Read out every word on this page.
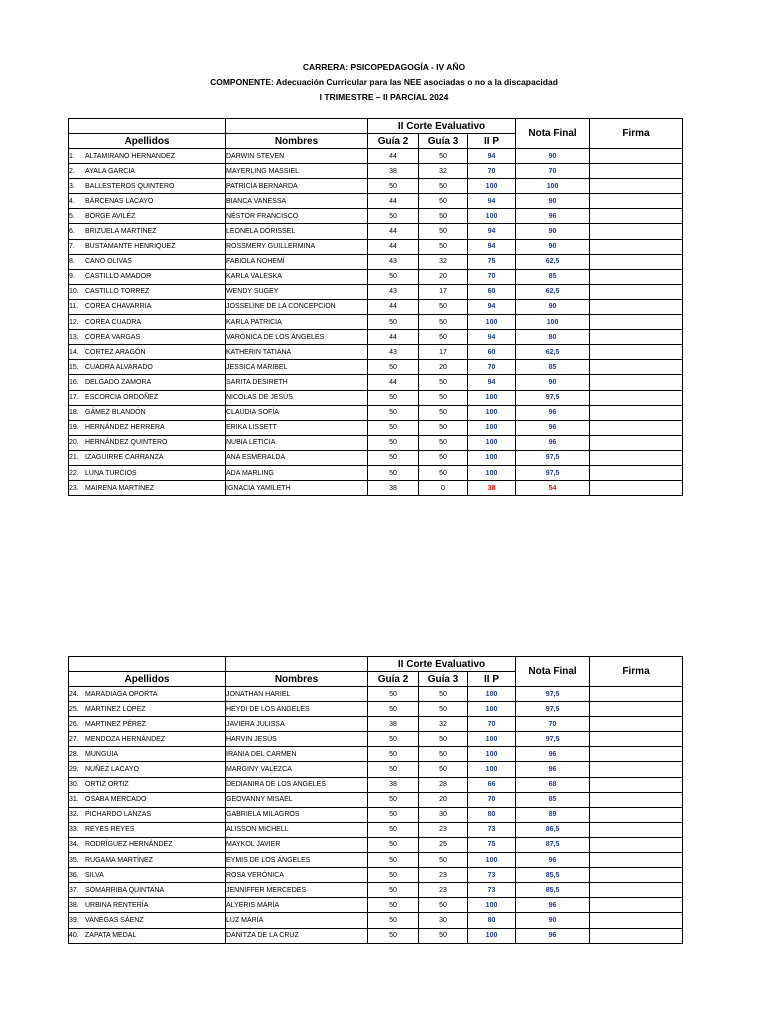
CARRERA: PSICOPEDAGOGÍA - IV AÑO
COMPONENTE: Adecuación Curricular para las NEE asociadas o no a la discapacidad
I TRIMESTRE – II PARCIAL 2024
		II Corte Evaluativo			Nota Final	Firma
Apellidos	Nombres	Guía 2	Guía 3	II P		
1. ALTAMIRANO HERNANDEZ	DARWIN STEVEN	44	50	94	90	
2. AYALA GARCIA	MAYERLING MASSIEL	38	32	70	70	
3. BALLESTEROS QUINTERO	PATRICIA BERNARDA	50	50	100	100	
4. BÁRCENAS LACAYO	BIANCA VANESSA	44	50	94	90	
5. BORGE AVILÉZ	NÉSTOR FRANCISCO	50	50	100	96	
6. BRIZUELA MARTINEZ	LEONELA DORISSEL	44	50	94	90	
7. BUSTAMANTE HENRIQUEZ	ROSSMERY GUILLERMINA	44	50	94	90	
8. CANO OLIVAS	FABIOLA NOHEMÍ	43	32	75	62,5	
9. CASTILLO AMADOR	KARLA VALESKA	50	20	70	85	
10. CASTILLO TORREZ	WENDY SUGEY	43	17	60	62,5	
11. COREA CHAVARRIA	JOSSELINE DE LA CONCEPCION	44	50	94	90	
12. COREA CUADRA	KARLA PATRICIA	50	50	100	100	
13. COREA VARGAS	VARÓNICA DE LOS ÁNGELES	44	50	94	80	
14. CORTEZ ARAGÓN	KATHERIN TATIANA	43	17	60	62,5	
15. CUADRA ALVARADO	JESSICA MARIBEL	50	20	70	85	
16. DELGADO ZAMORA	SARITA DESIRETH	44	50	94	90	
17. ESCORCIA ORDOÑEZ	NICOLAS DE JESÚS	50	50	100	97,5	
18. GÁMEZ BLANDÓN	CLAUDIA SOFÍA	50	50	100	96	
19. HERNÁNDEZ HERRERA	ERIKA LISSETT	50	50	100	96	
20. HERNÁNDEZ QUINTERO	NUBIA LETICIA	50	50	100	96	
21. IZAGUIRRE CARRANZA	ANA ESMERALDA	50	50	100	97,5	
22. LUNA TURCIOS	ADA MARLING	50	50	100	97,5	
23. MAIRENA MARTÍNEZ	IGNACIA YAMILETH	38	0	38	54	
		II Corte Evaluativo			Nota Final	Firma
Apellidos	Nombres	Guía 2	Guía 3	II P		
24. MARADIAGA OPORTA	JONATHAN HARIEL	50	50	100	97,5	
25. MARTINEZ LÓPEZ	HEYDI DE LOS ANGELES	50	50	100	97,5	
26. MARTINEZ PÉREZ	JAVIERA JULISSA	38	32	70	70	
27. MENDOZA HERNÁNDEZ	HARVIN JESÚS	50	50	100	97,5	
28. MUNGUIA	IRANIA DEL CARMEN	50	50	100	96	
29. NUÑEZ LACAYO	MARGINY VALEZCA	50	50	100	96	
30. ORTIZ ORTIZ	DEDIANIRA DE LOS ANGELES	38	28	66	68	
31. OSABA MERCADO	GEOVANNY MISAEL	50	20	70	85	
32. PICHARDO LANZAS	GABRIELA MILAGROS	50	30	80	89	
33. REYES REYES	ALISSON MICHELL	50	23	73	86,5	
34. RODRÍGUEZ HERNÁNDEZ	MAYKOL JAVIER	50	25	75	87,5	
35. RUGAMA MARTÍNEZ	EYMIS DE LOS ÁNGELES	50	50	100	96	
36. SILVA	ROSA VERÓNICA	50	23	73	85,5	
37. SOMARRIBA QUINTANA	JENNIFFER MERCEDES	50	23	73	85,5	
38. URBINA RENTERÍA	ALYERIS MARÍA	50	50	100	96	
39. VANEGAS SÁENZ	LUZ MARÍA	50	30	80	90	
40. ZAPATA MEDAL	DANITZA DE LA CRUZ	50	50	100	96	
